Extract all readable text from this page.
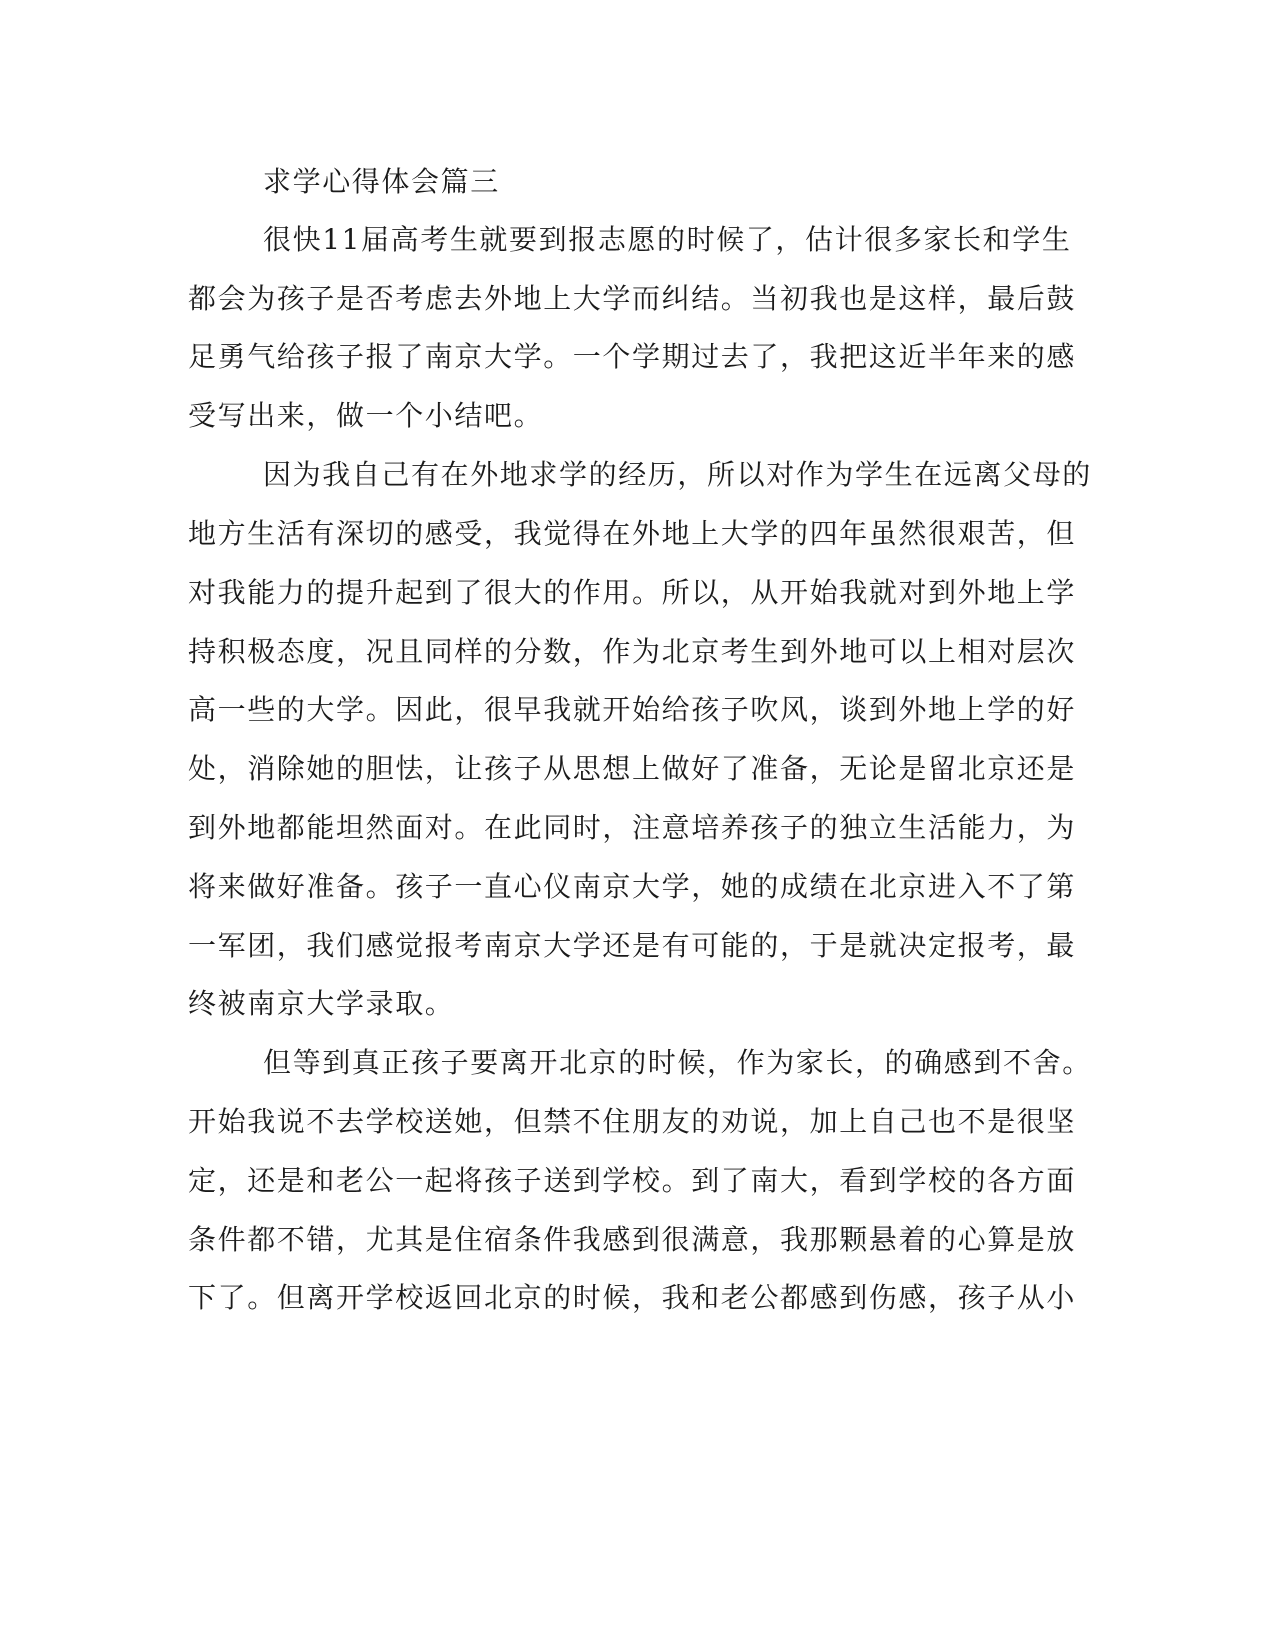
求学心得体会篇三
很快11届高考生就要到报志愿的时候了，估计很多家长和学生
都会为孩子是否考虑去外地上大学而纠结。当初我也是这样，最后鼓
足勇气给孩子报了南京大学。一个学期过去了，我把这近半年来的感
受写出来，做一个小结吧。
因为我自己有在外地求学的经历，所以对作为学生在远离父母的
地方生活有深切的感受，我觉得在外地上大学的四年虽然很艰苦，但
对我能力的提升起到了很大的作用。所以，从开始我就对到外地上学
持积极态度，况且同样的分数，作为北京考生到外地可以上相对层次
高一些的大学。因此，很早我就开始给孩子吹风，谈到外地上学的好
处，消除她的胆怯，让孩子从思想上做好了准备，无论是留北京还是
到外地都能坦然面对。在此同时，注意培养孩子的独立生活能力，为
将来做好准备。孩子一直心仪南京大学，她的成绩在北京进入不了第
一军团，我们感觉报考南京大学还是有可能的，于是就决定报考，最
终被南京大学录取。
但等到真正孩子要离开北京的时候，作为家长，的确感到不舍。
开始我说不去学校送她，但禁不住朋友的劝说，加上自己也不是很坚
定，还是和老公一起将孩子送到学校。到了南大，看到学校的各方面
条件都不错，尤其是住宿条件我感到很满意，我那颗悬着的心算是放
下了。但离开学校返回北京的时候，我和老公都感到伤感，孩子从小
